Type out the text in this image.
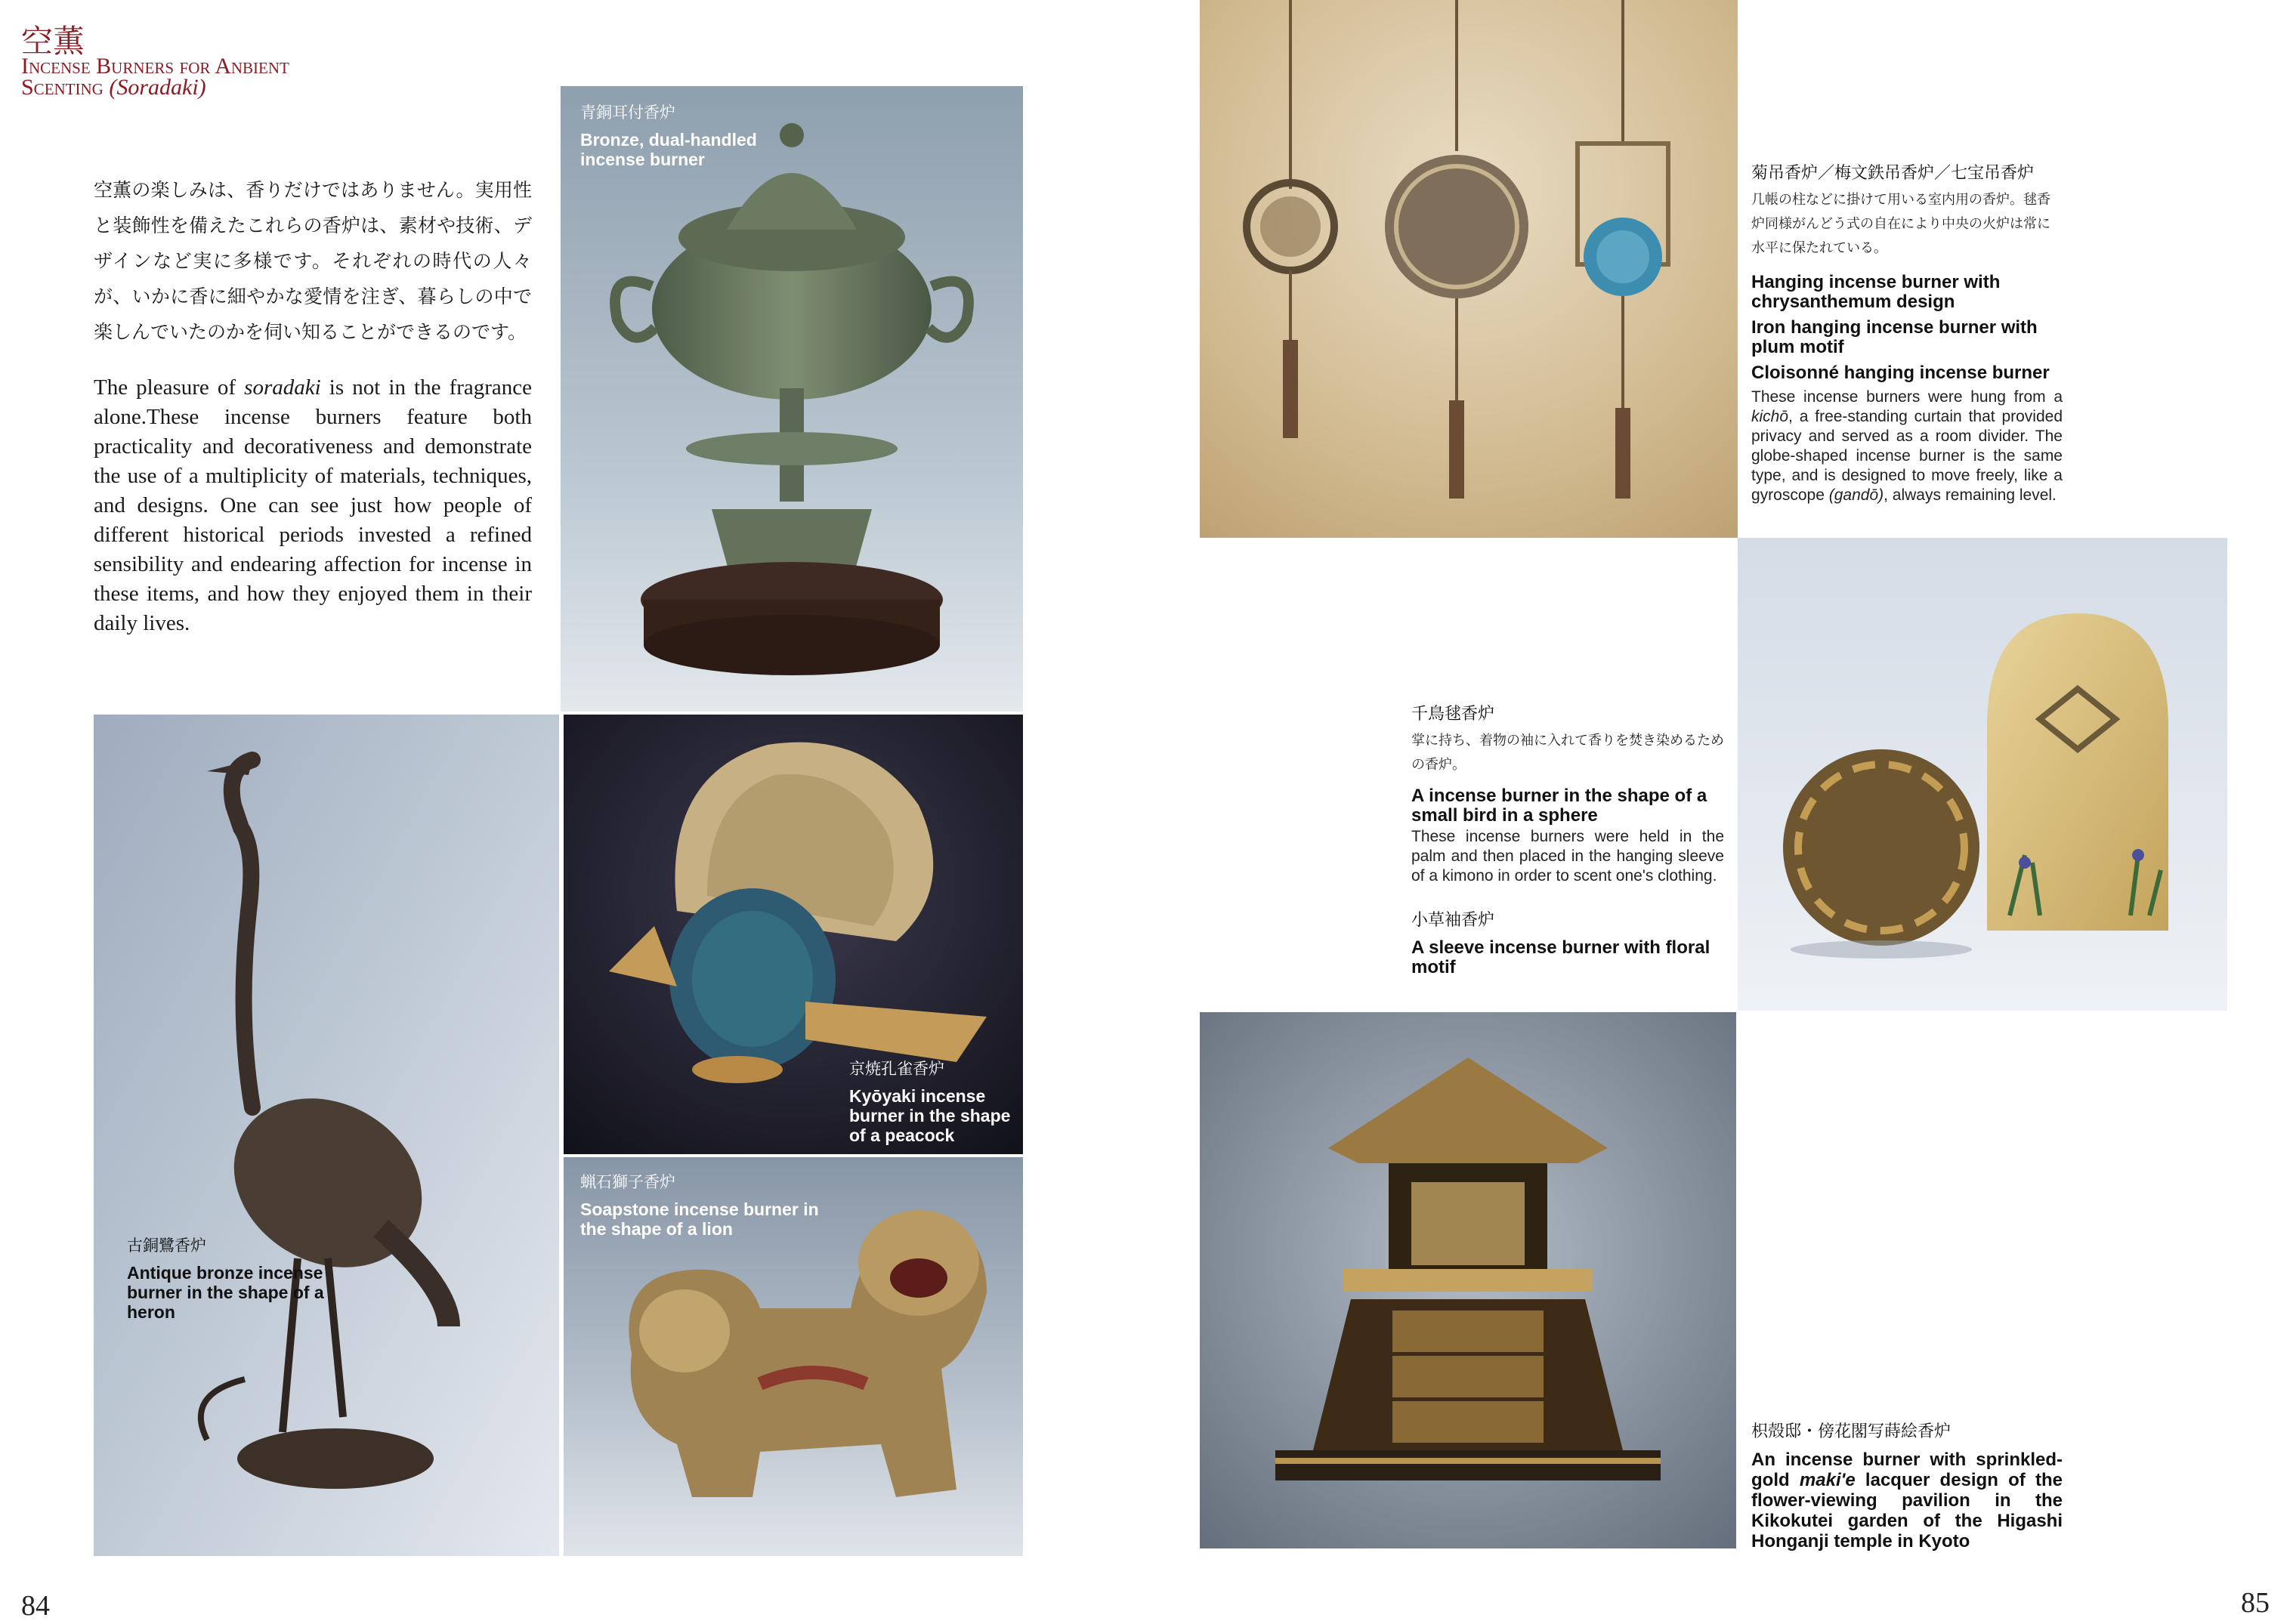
空薫
Incense Burners for Anbient
Scenting (Soradaki)
空薫の楽しみは、香りだけではありません。実用性と装飾性を備えたこれらの香炉は、素材や技術、デザインなど実に多様です。それぞれの時代の人々が、いかに香に細やかな愛情を注ぎ、暮らしの中で楽しんでいたのかを伺い知ることができるのです。
The pleasure of soradaki is not in the fragrance alone.These incense burners feature both practicality and decorativeness and demonstrate the use of a multiplicity of materials, techniques, and designs. One can see just how people of different historical periods invested a refined sensibility and endearing affection for incense in these items, and how they enjoyed them in their daily lives.
青銅耳付香炉
Bronze, dual-handled incense burner
古銅鷺香炉
Antique bronze incense burner in the shape of a heron
京焼孔雀香炉
Kyōyaki incense burner in the shape of a peacock
蝋石獅子香炉
Soapstone incense burner in the shape of a lion
菊吊香炉／梅文鉄吊香炉／七宝吊香炉
几帳の柱などに掛けて用いる室内用の香炉。毬香炉同様がんどう式の自在により中央の火炉は常に水平に保たれている。
Hanging incense burner with chrysanthemum design
Iron hanging incense burner with plum motif
Cloisonné hanging incense burner
These incense burners were hung from a kichō, a free-standing curtain that provided privacy and served as a room divider. The globe-shaped incense burner is the same type, and is designed to move freely, like a gyroscope (gandō), always remaining level.
千鳥毬香炉
掌に持ち、着物の袖に入れて香りを焚き染めるための香炉。
A incense burner in the shape of a small bird in a sphere
These incense burners were held in the palm and then placed in the hanging sleeve of a kimono in order to scent one's clothing.
小草袖香炉
A sleeve incense burner with floral motif
枳殻邸・傍花閣写蒔絵香炉
An incense burner with sprinkled-gold maki'e lacquer design of the flower-viewing pavilion in the Kikokutei garden of the Higashi Honganji temple in Kyoto
84	85
